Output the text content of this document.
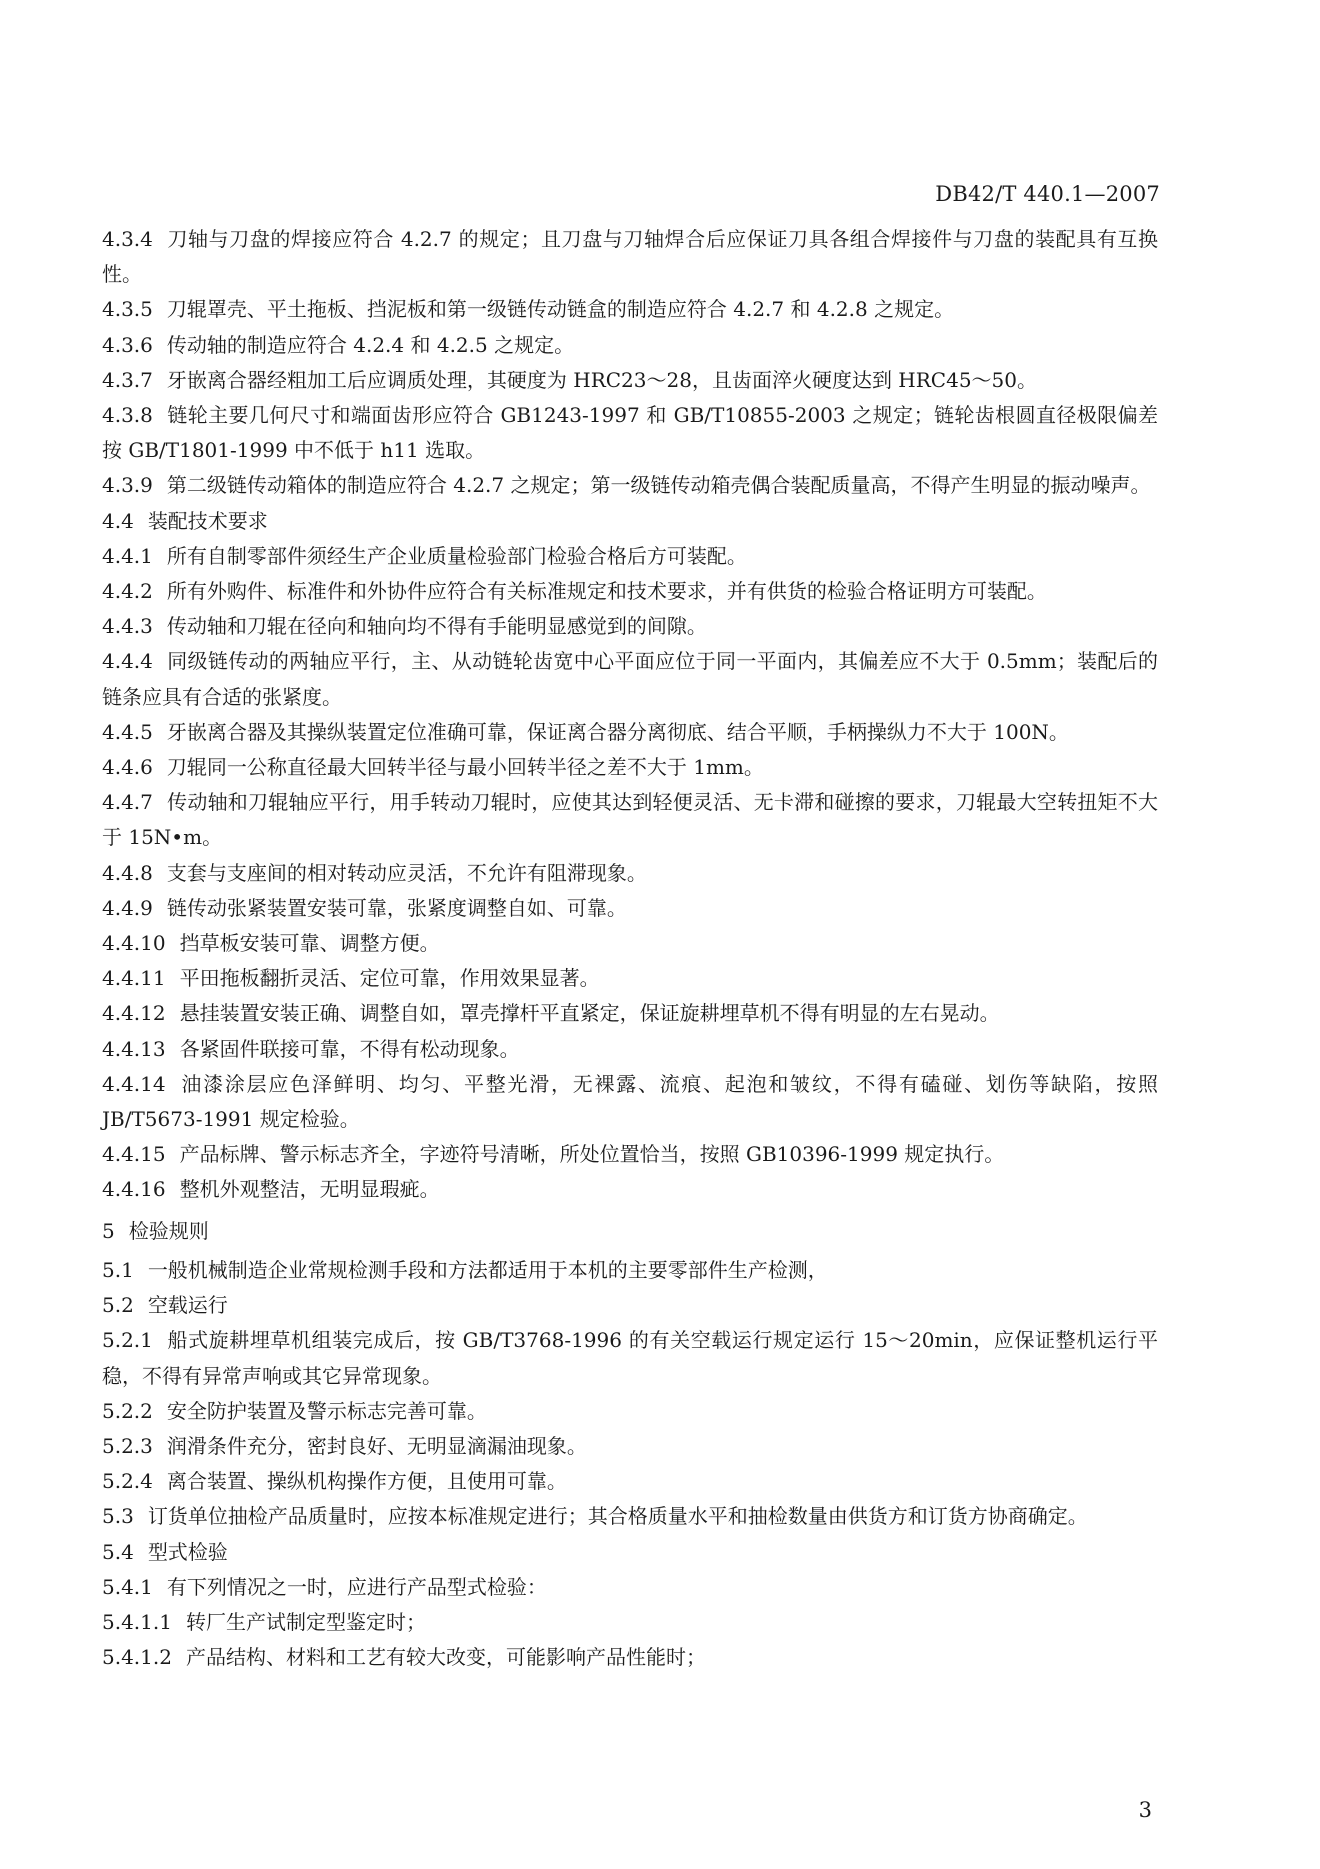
DB42/T 440.1—2007

4.3.4 刀轴与刀盘的焊接应符合 4.2.7 的规定；且刀盘与刀轴焊合后应保证刀具各组合焊接件与刀盘的装配具有互换性。

4.3.5 刀辊罩壳、平土拖板、挡泥板和第一级链传动链盒的制造应符合 4.2.7 和 4.2.8 之规定。

4.3.6 传动轴的制造应符合 4.2.4 和 4.2.5 之规定。

4.3.7 牙嵌离合器经粗加工后应调质处理，其硬度为 HRC23～28，且齿面淬火硬度达到 HRC45～50。

4.3.8 链轮主要几何尺寸和端面齿形应符合 GB1243-1997 和 GB/T10855-2003 之规定；链轮齿根圆直径极限偏差按 GB/T1801-1999 中不低于 h11 选取。

4.3.9 第二级链传动箱体的制造应符合 4.2.7 之规定；第一级链传动箱壳偶合装配质量高，不得产生明显的振动噪声。

4.4 装配技术要求

4.4.1 所有自制零部件须经生产企业质量检验部门检验合格后方可装配。

4.4.2 所有外购件、标准件和外协件应符合有关标准规定和技术要求，并有供货的检验合格证明方可装配。

4.4.3 传动轴和刀辊在径向和轴向均不得有手能明显感觉到的间隙。

4.4.4 同级链传动的两轴应平行，主、从动链轮齿宽中心平面应位于同一平面内，其偏差应不大于 0.5mm；装配后的链条应具有合适的张紧度。

4.4.5 牙嵌离合器及其操纵装置定位准确可靠，保证离合器分离彻底、结合平顺，手柄操纵力不大于 100N。

4.4.6 刀辊同一公称直径最大回转半径与最小回转半径之差不大于 1mm。

4.4.7 传动轴和刀辊轴应平行，用手转动刀辊时，应使其达到轻便灵活、无卡滞和碰擦的要求，刀辊最大空转扭矩不大于 15N•m。

4.4.8 支套与支座间的相对转动应灵活，不允许有阻滞现象。

4.4.9 链传动张紧装置安装可靠，张紧度调整自如、可靠。

4.4.10 挡草板安装可靠、调整方便。

4.4.11 平田拖板翻折灵活、定位可靠，作用效果显著。

4.4.12 悬挂装置安装正确、调整自如，罩壳撑杆平直紧定，保证旋耕埋草机不得有明显的左右晃动。

4.4.13 各紧固件联接可靠，不得有松动现象。

4.4.14 油漆涂层应色泽鲜明、均匀、平整光滑，无裸露、流痕、起泡和皱纹，不得有磕碰、划伤等缺陷，按照 JB/T5673-1991 规定检验。

4.4.15 产品标牌、警示标志齐全，字迹符号清晰，所处位置恰当，按照 GB10396-1999 规定执行。

4.4.16 整机外观整洁，无明显瑕疵。

5 检验规则

5.1 一般机械制造企业常规检测手段和方法都适用于本机的主要零部件生产检测，

5.2 空载运行

5.2.1 船式旋耕埋草机组装完成后，按 GB/T3768-1996 的有关空载运行规定运行 15～20min，应保证整机运行平稳，不得有异常声响或其它异常现象。

5.2.2 安全防护装置及警示标志完善可靠。

5.2.3 润滑条件充分，密封良好、无明显滴漏油现象。

5.2.4 离合装置、操纵机构操作方便，且使用可靠。

5.3 订货单位抽检产品质量时，应按本标准规定进行；其合格质量水平和抽检数量由供货方和订货方协商确定。

5.4 型式检验

5.4.1 有下列情况之一时，应进行产品型式检验：

5.4.1.1 转厂生产试制定型鉴定时；

5.4.1.2 产品结构、材料和工艺有较大改变，可能影响产品性能时；

3
